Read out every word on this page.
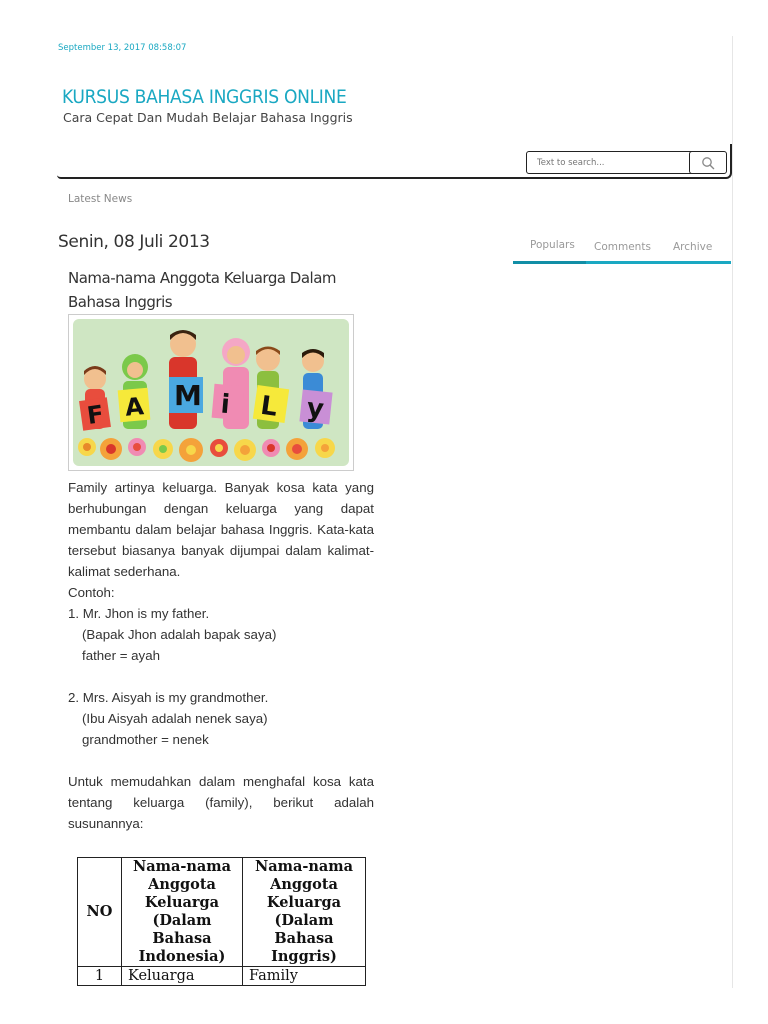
September 13, 2017 08:58:07
KURSUS BAHASA INGGRIS ONLINE
Cara Cepat Dan Mudah Belajar Bahasa Inggris
Text to search...
Latest News
Senin, 08 Juli 2013
Nama-nama Anggota Keluarga Dalam Bahasa Inggris
F A M i L y

Family artinya keluarga. Banyak kosa kata yang berhubungan dengan keluarga yang dapat membantu dalam belajar bahasa Inggris. Kata-kata tersebut biasanya banyak dijumpai dalam kalimat-kalimat sederhana.

Contoh:

1. Mr. Jhon is my father.

(Bapak Jhon adalah bapak saya)

father = ayah

2. Mrs. Aisyah is my grandmother.

(Ibu Aisyah adalah nenek saya)

grandmother = nenek

Untuk memudahkan dalam menghafal kosa kata tentang keluarga (family), berikut adalah susunannya:

NO	Nama-nama Anggota Keluarga (Dalam Bahasa Indonesia)	Nama-nama Anggota Keluarga (Dalam Bahasa Inggris)
1	Keluarga	Family
Populars Comments Archive
